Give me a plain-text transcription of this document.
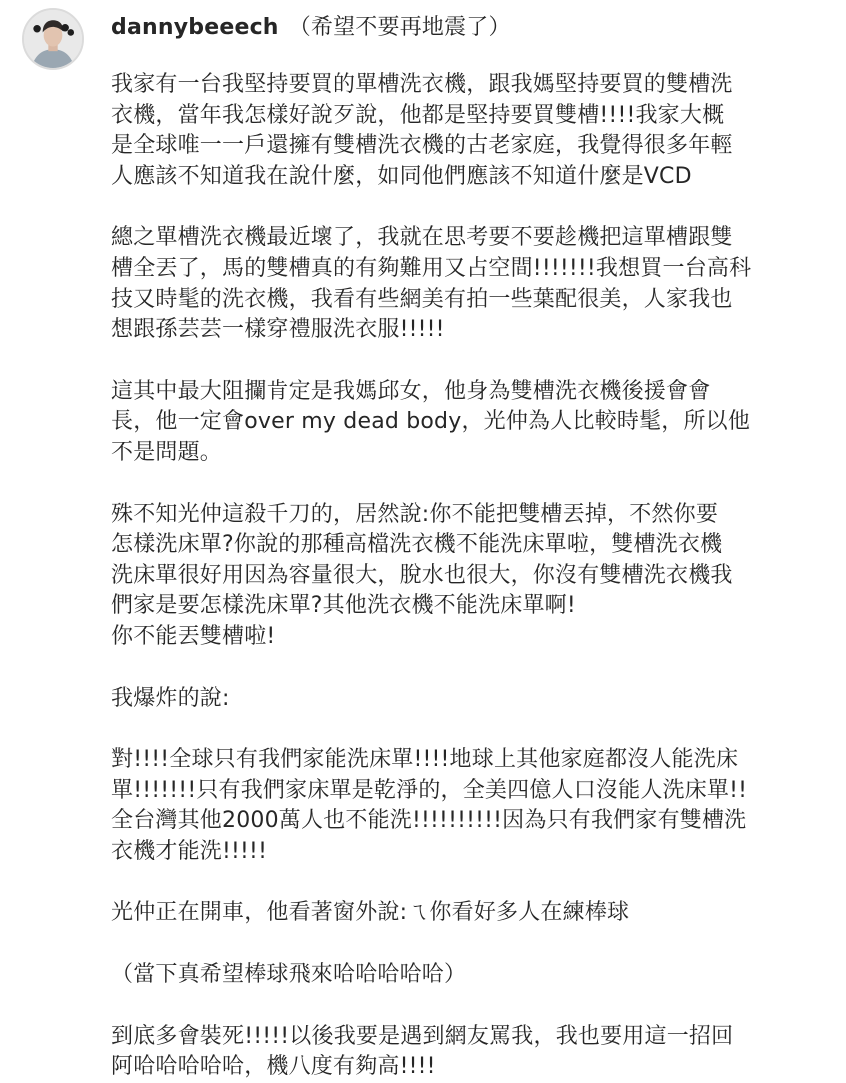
dannybeeech （希望不要再地震了）

我家有一台我堅持要買的單槽洗衣機，跟我媽堅持要買的雙槽洗
衣機，當年我怎樣好說歹說，他都是堅持要買雙槽!!!!我家大概
是全球唯一一戶還擁有雙槽洗衣機的古老家庭，我覺得很多年輕
人應該不知道我在說什麼，如同他們應該不知道什麼是VCD

總之單槽洗衣機最近壞了，我就在思考要不要趁機把這單槽跟雙
槽全丟了，馬的雙槽真的有夠難用又占空間!!!!!!!我想買一台高科
技又時髦的洗衣機，我看有些網美有拍一些葉配很美，人家我也
想跟孫芸芸一樣穿禮服洗衣服!!!!!

這其中最大阻攔肯定是我媽邱女，他身為雙槽洗衣機後援會會
長，他一定會over my dead body，光仲為人比較時髦，所以他
不是問題。

殊不知光仲這殺千刀的，居然說:你不能把雙槽丟掉，不然你要
怎樣洗床單?你說的那種高檔洗衣機不能洗床單啦，雙槽洗衣機
洗床單很好用因為容量很大，脫水也很大，你沒有雙槽洗衣機我
們家是要怎樣洗床單?其他洗衣機不能洗床單啊!
你不能丟雙槽啦!

我爆炸的說:

對!!!!全球只有我們家能洗床單!!!!地球上其他家庭都沒人能洗床
單!!!!!!!只有我們家床單是乾淨的，全美四億人口沒能人洗床單!!
全台灣其他2000萬人也不能洗!!!!!!!!!!因為只有我們家有雙槽洗
衣機才能洗!!!!!

光仲正在開車，他看著窗外說:ㄟ你看好多人在練棒球

（當下真希望棒球飛來哈哈哈哈哈）

到底多會裝死!!!!!以後我要是遇到網友罵我，我也要用這一招回
阿哈哈哈哈哈，機八度有夠高!!!!
